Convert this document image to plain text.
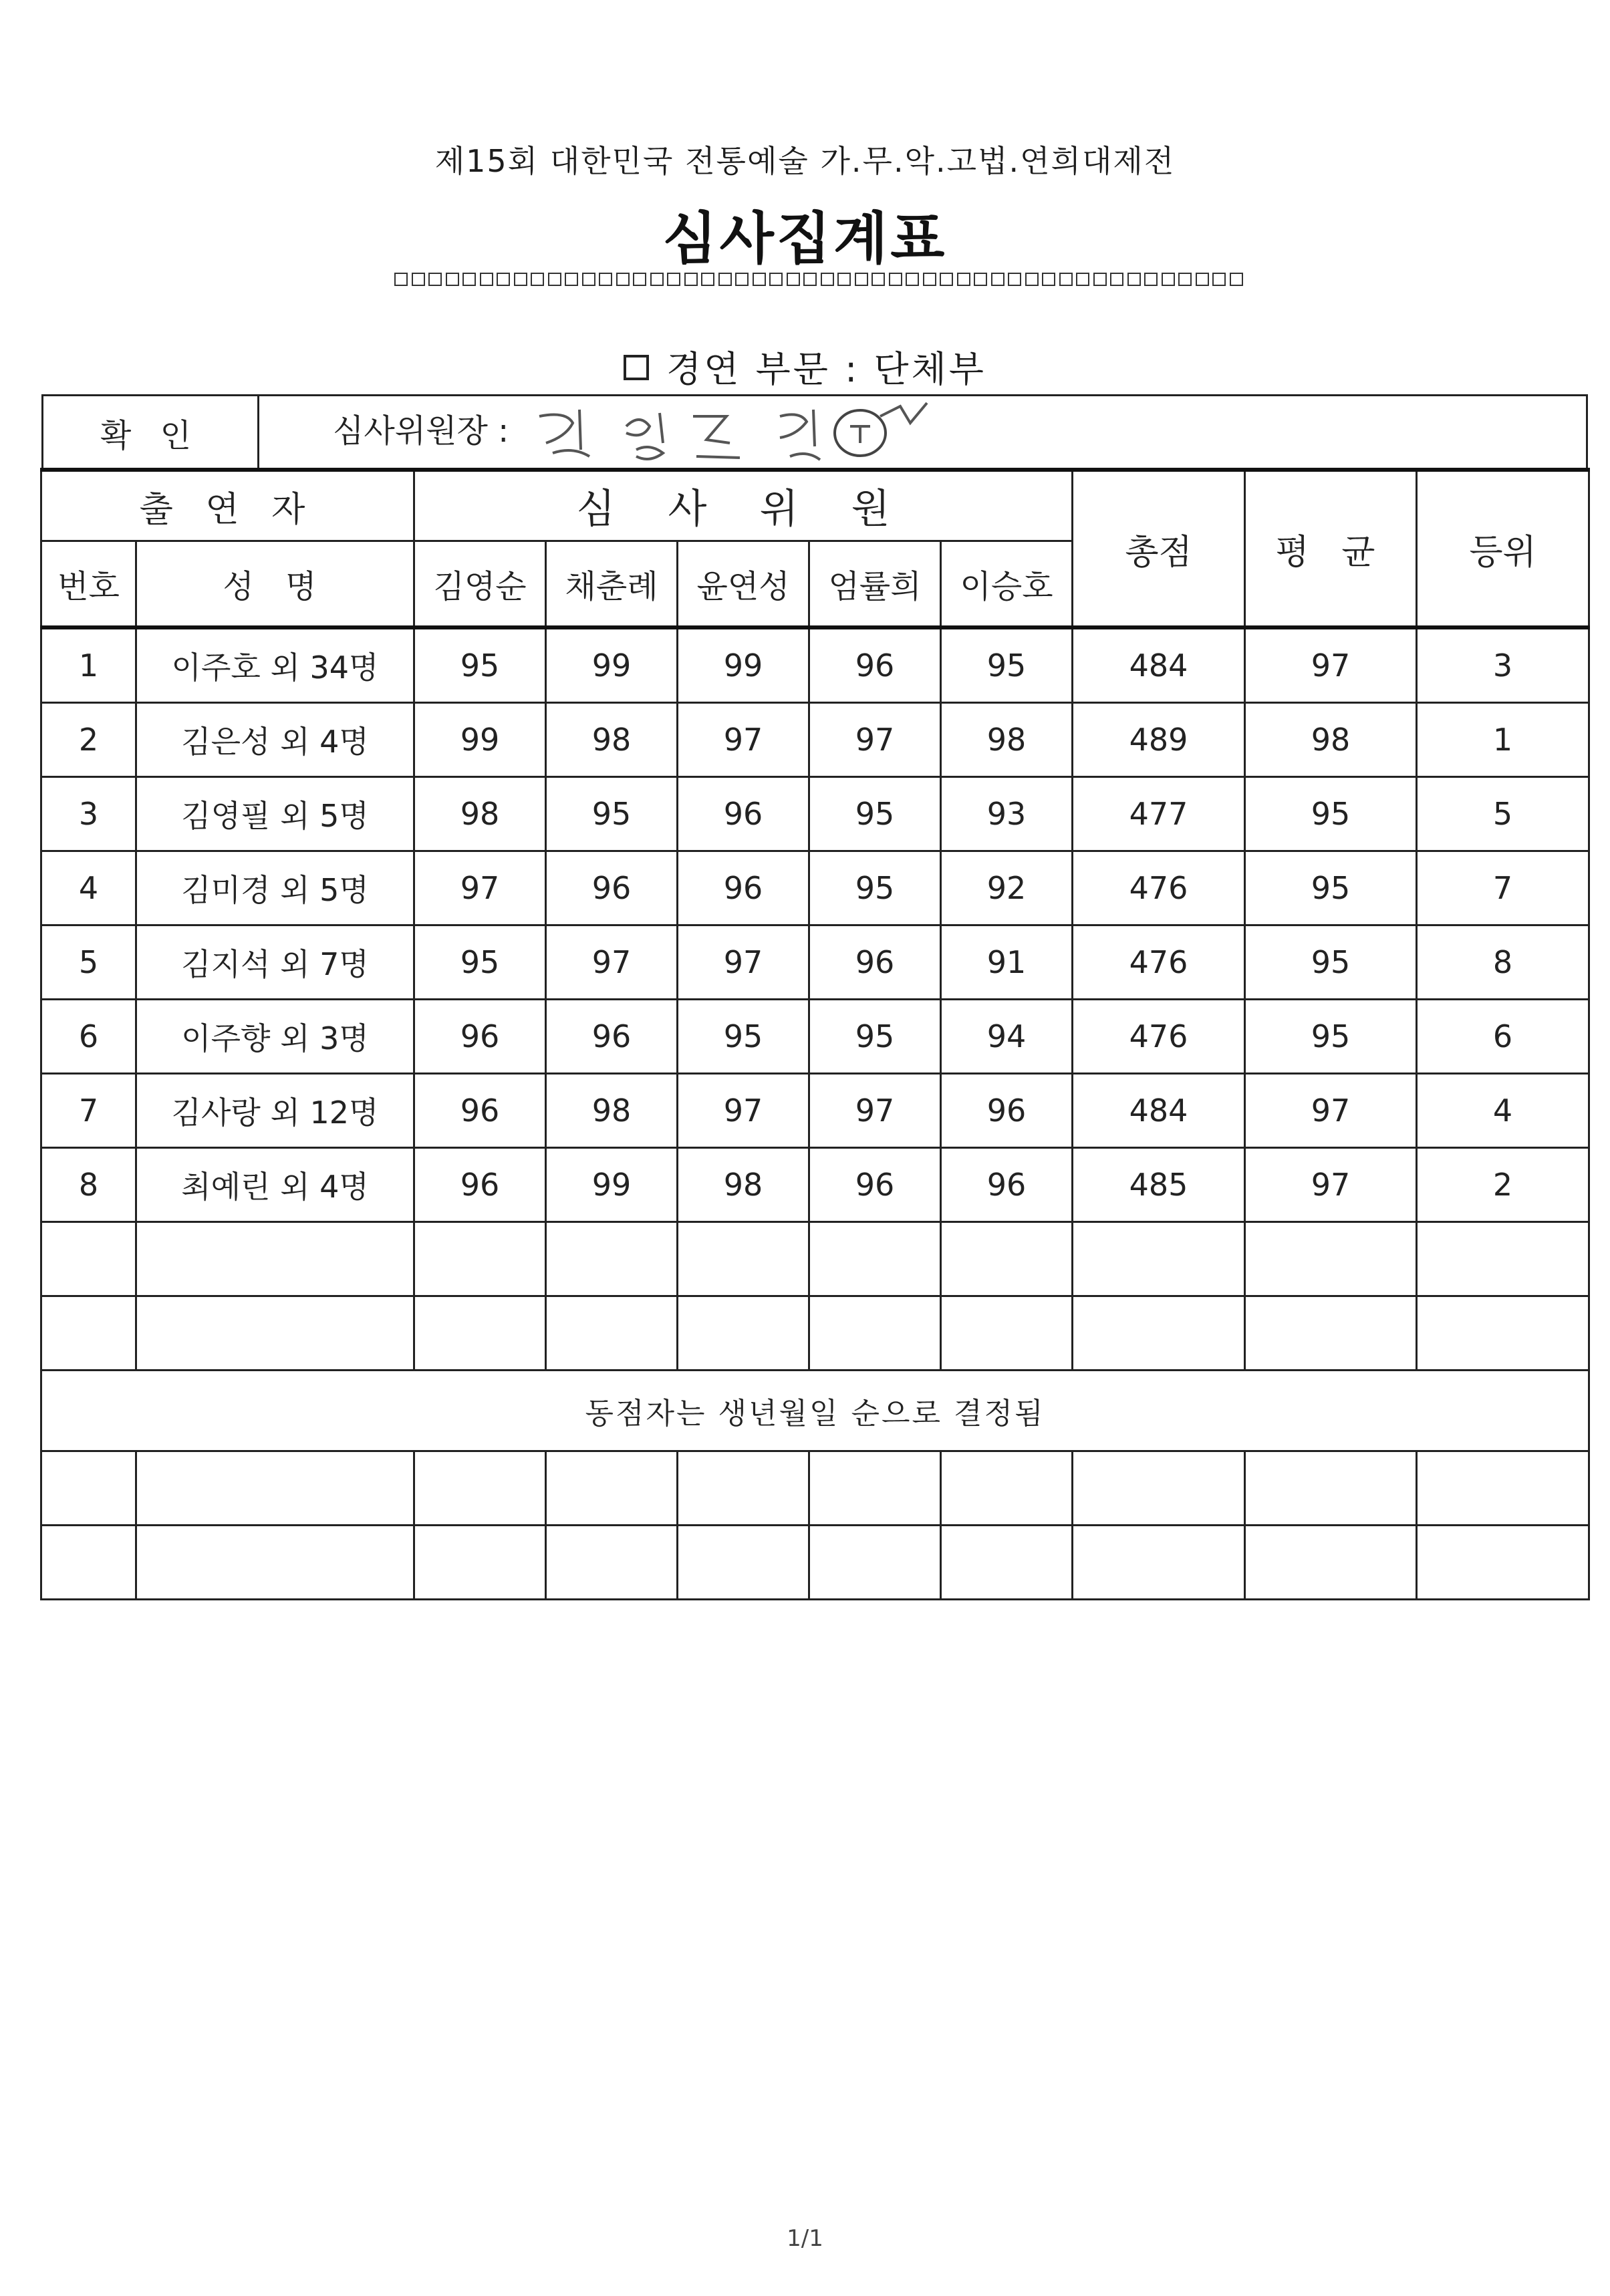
제15회 대한민국 전통예술 가.무.악.고법.연희대제전
심사집계표
경연 부문 : 단체부
확 인	심사위원장 :
출 연 자		심 사 위 원					총점	평 균	등위
번호	성 명	김영순	채춘례	윤연성	엄률희	이승호			
1	이주호 외 34명	95	99	99	96	95	484	97	3
2	김은성 외 4명	99	98	97	97	98	489	98	1
3	김영필 외 5명	98	95	96	95	93	477	95	5
4	김미경 외 5명	97	96	96	95	92	476	95	7
5	김지석 외 7명	95	97	97	96	91	476	95	8
6	이주향 외 3명	96	96	95	95	94	476	95	6
7	김사랑 외 12명	96	98	97	97	96	484	97	4
8	최예린 외 4명	96	99	98	96	96	485	97	2

동점자는 생년월일 순으로 결정됨									

1/1
